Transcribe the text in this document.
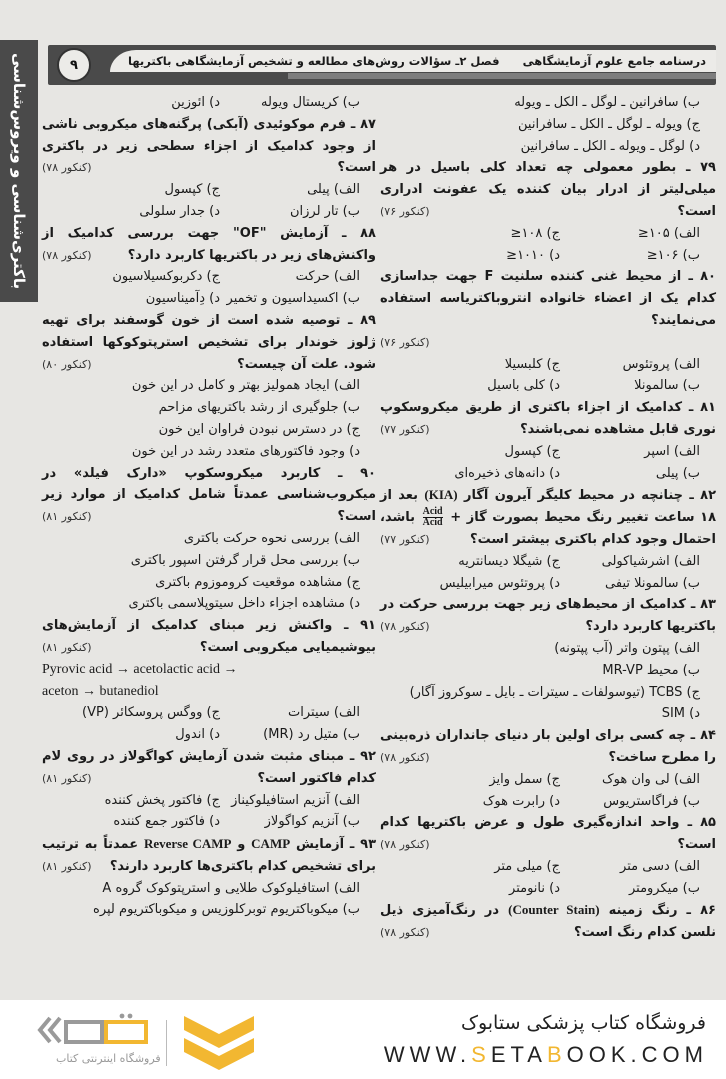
باکتری‌شناسی و ویروس‌شناسی	۹	درسنامه جامع علوم آزمایشگاهی
فصل ۲ـ سؤالات روش‌های مطالعه و تشخیص آزمایشگاهی باکتریها
ب) سافرانین ـ لوگل ـ الکل ـ ویوله
ج) ویوله ـ لوگل ـ الکل ـ سافرانین
د) لوگل ـ ویوله ـ الکل ـ سافرانین
۷۹ ـ بطور معمولی چه تعداد کلی باسیل در هر میلی‌لیتر از ادرار بیان کننده یک عفونت ادراری است؟
(کنکور ۷۶)
الف) ۱۰۵≤
ج) ۱۰۸≤
ب) ۱۰۶≤
د) ۱۰۱۰≤
۸۰ ـ از محیط غنی کننده سلنیت F جهت جداسازی کدام یک از اعضاء خانواده انتروباکتریاسه استفاده می‌نمایند؟
(کنکور ۷۶)
الف) پروتئوس
ج) کلبسیلا
ب) سالمونلا
د) کلی باسیل
۸۱ ـ کدامیک از اجزاء باکتری از طریق میکروسکوپ نوری قابل مشاهده نمی‌باشند؟
(کنکور ۷۷)
الف) اسپر
ج) کپسول
ب) پیلی
د) دانه‌های ذخیره‌ای
۸۲ ـ چنانچه در محیط کلیگر آیرون آگار (KIA) بعد از ۱۸ ساعت تغییر رنگ محیط بصورت گاز +
$\frac{\text{Acid}}{\text{Acid}}$
باشد، احتمال وجود کدام باکتری بیشتر است؟
(کنکور ۷۷)
الف) اشرشیاکولی
ج) شیگلا دیسانتریه
ب) سالمونلا تیفی
د) پروتئوس میرابیلیس
۸۳ ـ کدامیک از محیط‌های زیر جهت بررسی حرکت در باکتریها کاربرد دارد؟
(کنکور ۷۸)
الف) پپتون واتر (آب پپتونه)
ب) محیط MR-VP
ج) TCBS (تیوسولفات ـ سیترات ـ بایل ـ سوکروز آگار)
د) SIM
۸۴ ـ چه کسی برای اولین بار دنیای جانداران ذره‌بینی را مطرح ساخت؟
(کنکور ۷۸)
الف) لی وان هوک
ج) سمل وایز
ب) فراگاستریوس
د) رابرت هوک
۸۵ ـ واحد اندازه‌گیری طول و عرض باکتریها کدام است؟
(کنکور ۷۸)
الف) دسی متر
ج) میلی متر
ب) میکرومتر
د) نانومتر
۸۶ ـ رنگ زمینه (Counter Stain) در رنگ‌آمیزی ذیل نلسن کدام رنگ است؟
(کنکور ۷۸)
ب) کریستال ویوله
د) ائوزین
۸۷ ـ فرم موکوئیدی (آبکی) پرگنه‌های میکروبی ناشی از وجود کدامیک از اجزاء سطحی زیر در باکتری است؟
(کنکور ۷۸)
الف) پیلی
ج) کپسول
ب) تار لرزان
د) جدار سلولی
۸۸ ـ آزمایش "OF" جهت بررسی کدامیک از واکنش‌های زیر در باکتریها کاربرد دارد؟
(کنکور ۷۸)
الف) حرکت
ج) دکربوکسیلاسیون
ب) اکسیداسیون و تخمیر
د) دِآمیناسیون
۸۹ ـ توصیه شده است از خون گوسفند برای تهیه ژلوز خوندار برای تشخیص استرپتوکوکها استفاده شود. علت آن چیست؟
(کنکور ۸۰)
الف) ایجاد همولیز بهتر و کامل در این خون
ب) جلوگیری از رشد باکتریهای مزاحم
ج) در دسترس نبودن فراوان این خون
د) وجود فاکتورهای متعدد رشد در این خون
۹۰ ـ کاربرد میکروسکوپ «دارک فیلد» در میکروب‌شناسی عمدتاً شامل کدامیک از موارد زیر است؟
(کنکور ۸۱)
الف) بررسی نحوه حرکت باکتری
ب) بررسی محل قرار گرفتن اسپور باکتری
ج) مشاهده موقعیت کروموزوم باکتری
د) مشاهده اجزاء داخل سیتوپلاسمی باکتری
۹۱ ـ واکنش زیر مبنای کدامیک از آزمایش‌های بیوشیمیایی میکروبی است؟
(کنکور ۸۱)
Pyrovic acid → acetolactic acid →
aceton → butanediol
الف) سیترات
ج) ووگس پروسکائر (VP)
ب) متیل رد (MR)
د) اندول
۹۲ ـ مبنای مثبت شدن آزمایش کواگولاز در روی لام کدام فاکتور است؟
(کنکور ۸۱)
الف) آنزیم استافیلوکیناز
ج) فاکتور پخش کننده
ب) آنزیم کواگولاز
د) فاکتور جمع کننده
۹۳ ـ آزمایش CAMP و Reverse CAMP عمدتاً به ترتیب برای تشخیص کدام باکتری‌ها کاربرد دارند؟
(کنکور ۸۱)
الف) استافیلوکوک طلایی و استرپتوکوک گروه A
ب) میکوباکتریوم توبرکلوزیس و میکوباکتریوم لپره
فروشگاه اینترنتی کتاب
فروشگاه کتاب پزشکی ستابوک
WWW.SETABOOK.COM
